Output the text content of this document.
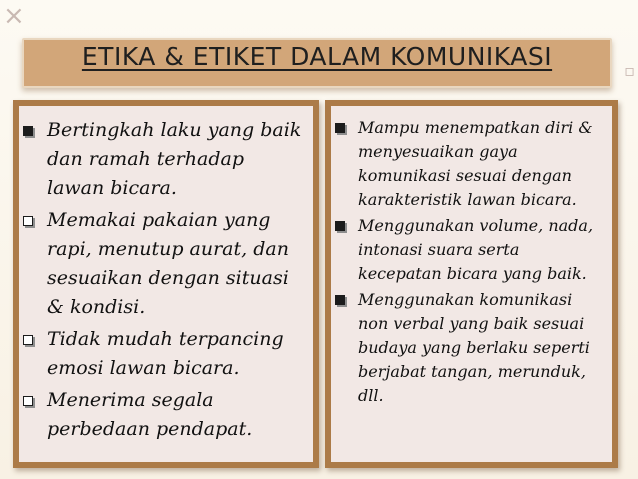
×
▫
ETIKA & ETIKET DALAM KOMUNIKASI
Bertingkah laku yang baik dan ramah terhadap lawan bicara.
Memakai pakaian yang rapi, menutup aurat, dan sesuaikan dengan situasi & kondisi.
Tidak mudah terpancing emosi lawan bicara.
Menerima segala perbedaan pendapat.
Mampu menempatkan diri & menyesuaikan gaya komunikasi sesuai dengan karakteristik lawan bicara.
Menggunakan volume, nada, intonasi suara serta kecepatan bicara yang baik.
Menggunakan komunikasi non verbal yang baik sesuai budaya yang berlaku seperti berjabat tangan, merunduk, dll.
